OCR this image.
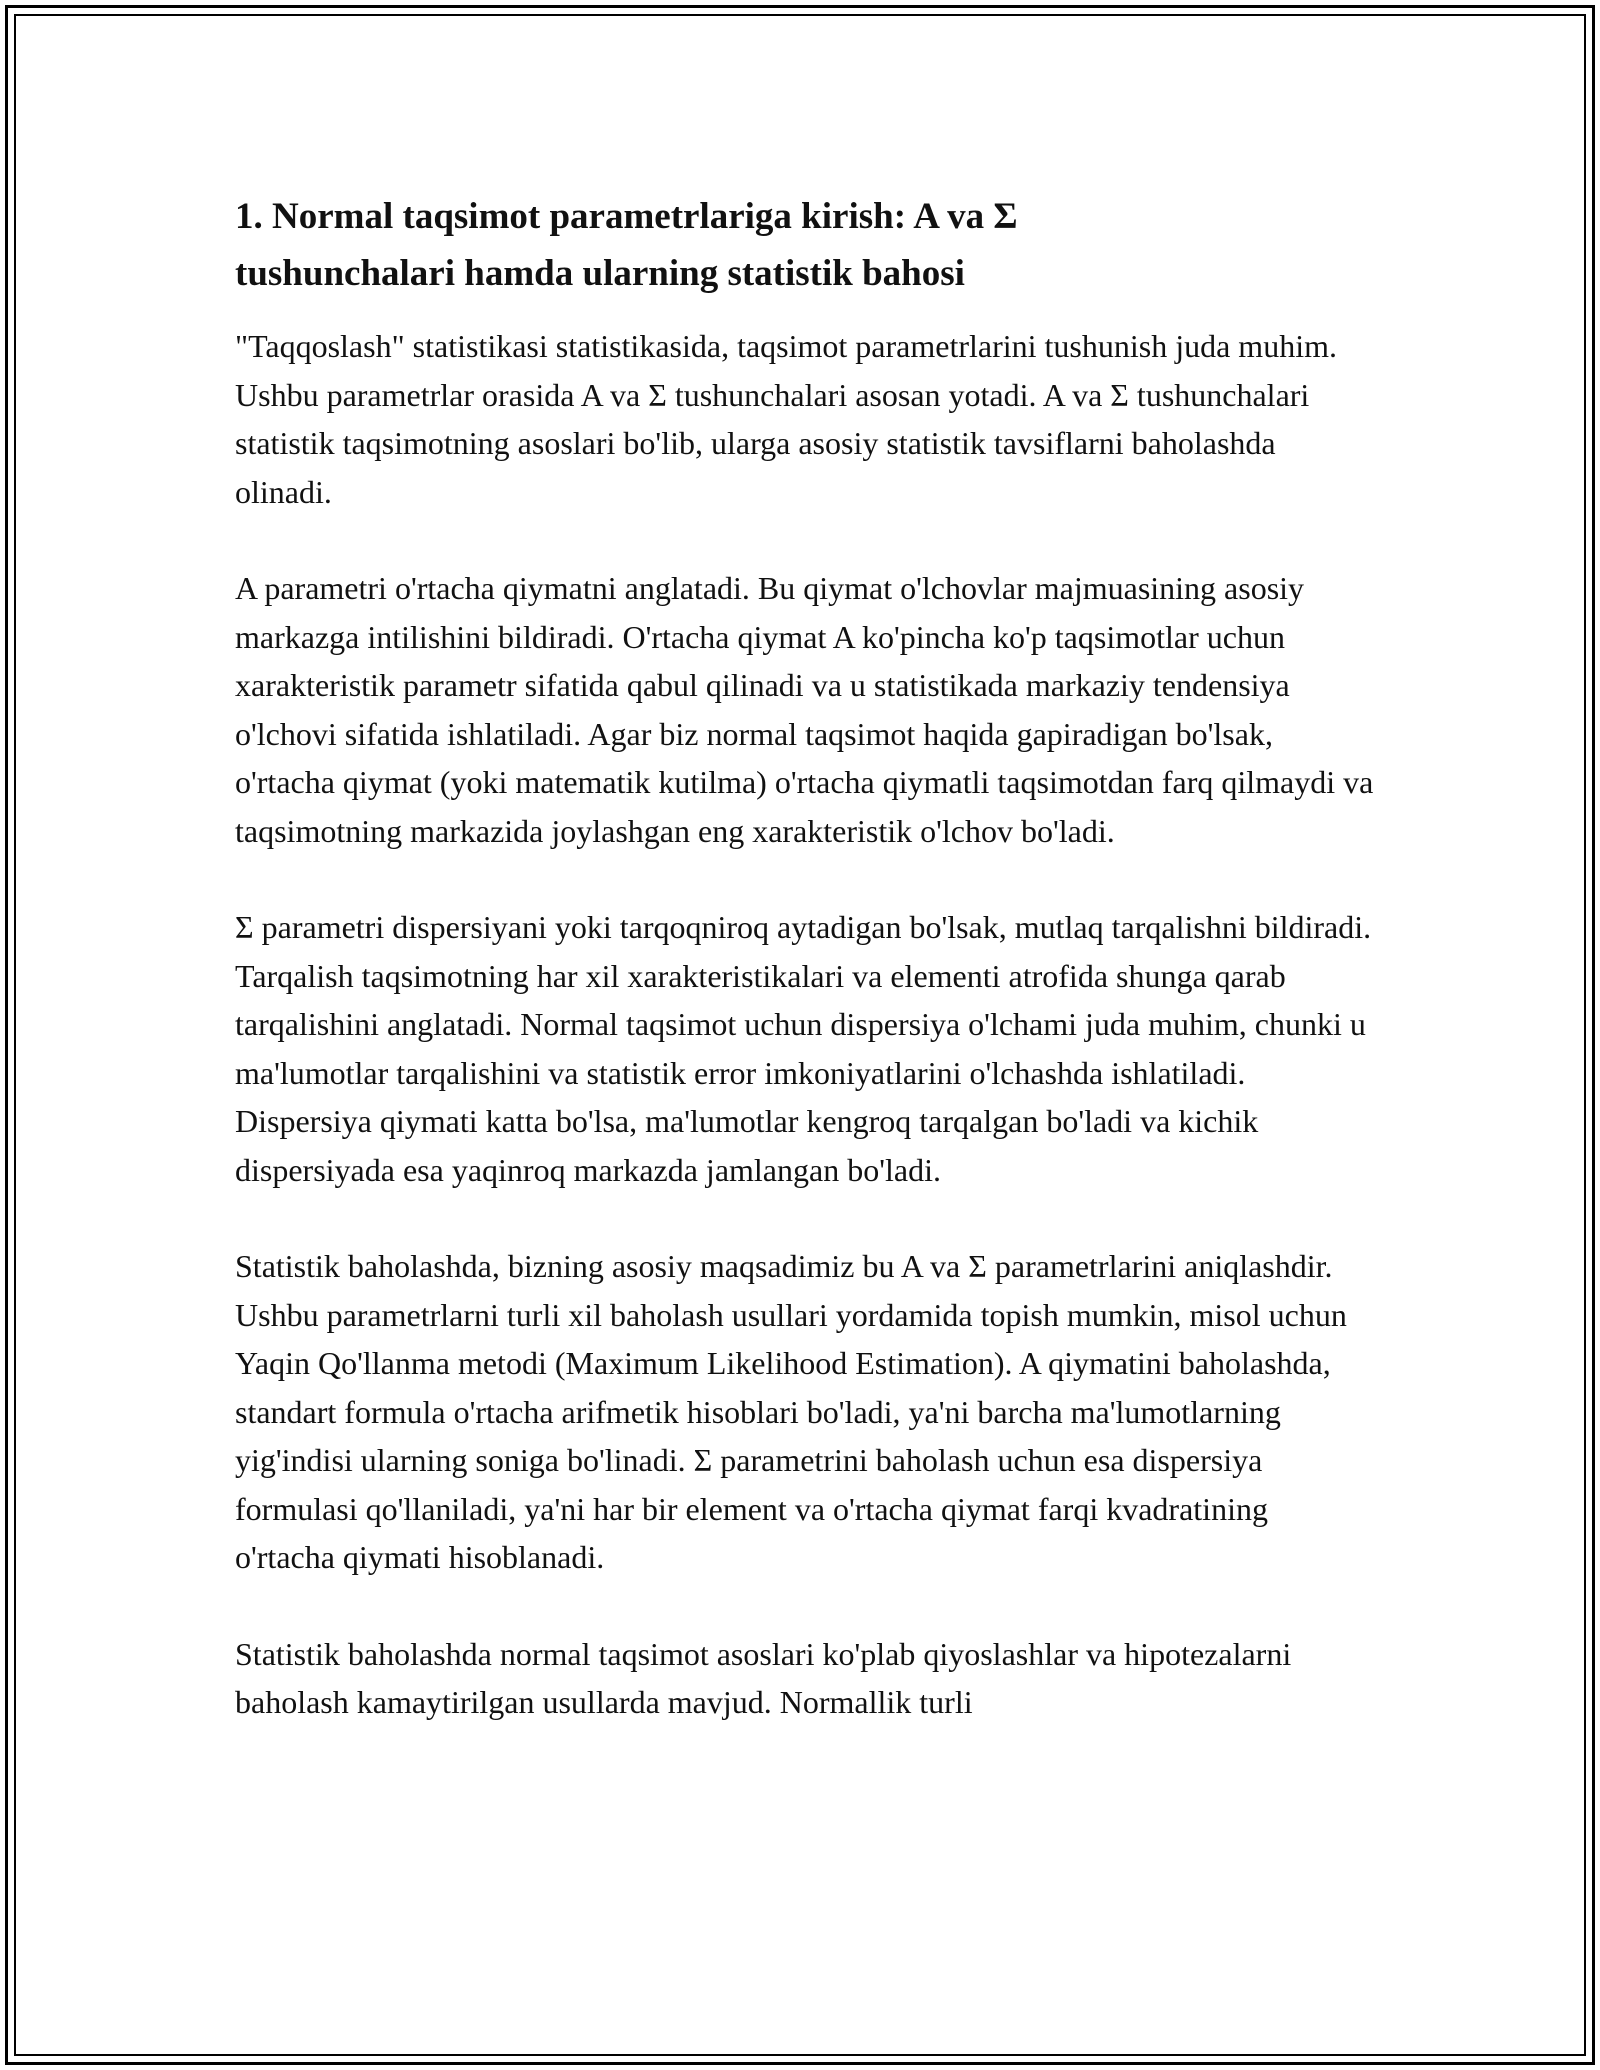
1. Normal taqsimot parametrlariga kirish: A va Σ tushunchalari hamda ularning statistik bahosi

"Taqqoslash" statistikasi statistikasida, taqsimot parametrlarini tushunish juda muhim. Ushbu parametrlar orasida A va Σ tushunchalari asosan yotadi. A va Σ tushunchalari statistik taqsimotning asoslari bo'lib, ularga asosiy statistik tavsiflarni baholashda olinadi.

A parametri o'rtacha qiymatni anglatadi. Bu qiymat o'lchovlar majmuasining asosiy markazga intilishini bildiradi. O'rtacha qiymat A ko'pincha ko'p taqsimotlar uchun xarakteristik parametr sifatida qabul qilinadi va u statistikada markaziy tendensiya o'lchovi sifatida ishlatiladi. Agar biz normal taqsimot haqida gapiradigan bo'lsak, o'rtacha qiymat (yoki matematik kutilma) o'rtacha qiymatli taqsimotdan farq qilmaydi va taqsimotning markazida joylashgan eng xarakteristik o'lchov bo'ladi.

Σ parametri dispersiyani yoki tarqoqniroq aytadigan bo'lsak, mutlaq tarqalishni bildiradi. Tarqalish taqsimotning har xil xarakteristikalari va elementi atrofida shunga qarab tarqalishini anglatadi. Normal taqsimot uchun dispersiya o'lchami juda muhim, chunki u ma'lumotlar tarqalishini va statistik error imkoniyatlarini o'lchashda ishlatiladi. Dispersiya qiymati katta bo'lsa, ma'lumotlar kengroq tarqalgan bo'ladi va kichik dispersiyada esa yaqinroq markazda jamlangan bo'ladi.

Statistik baholashda, bizning asosiy maqsadimiz bu A va Σ parametrlarini aniqlashdir. Ushbu parametrlarni turli xil baholash usullari yordamida topish mumkin, misol uchun Yaqin Qo'llanma metodi (Maximum Likelihood Estimation). A qiymatini baholashda, standart formula o'rtacha arifmetik hisoblari bo'ladi, ya'ni barcha ma'lumotlarning yig'indisi ularning soniga bo'linadi. Σ parametrini baholash uchun esa dispersiya formulasi qo'llaniladi, ya'ni har bir element va o'rtacha qiymat farqi kvadratining o'rtacha qiymati hisoblanadi.

Statistik baholashda normal taqsimot asoslari ko'plab qiyoslashlar va hipotezalarni baholash kamaytirilgan usullarda mavjud. Normallik turli
